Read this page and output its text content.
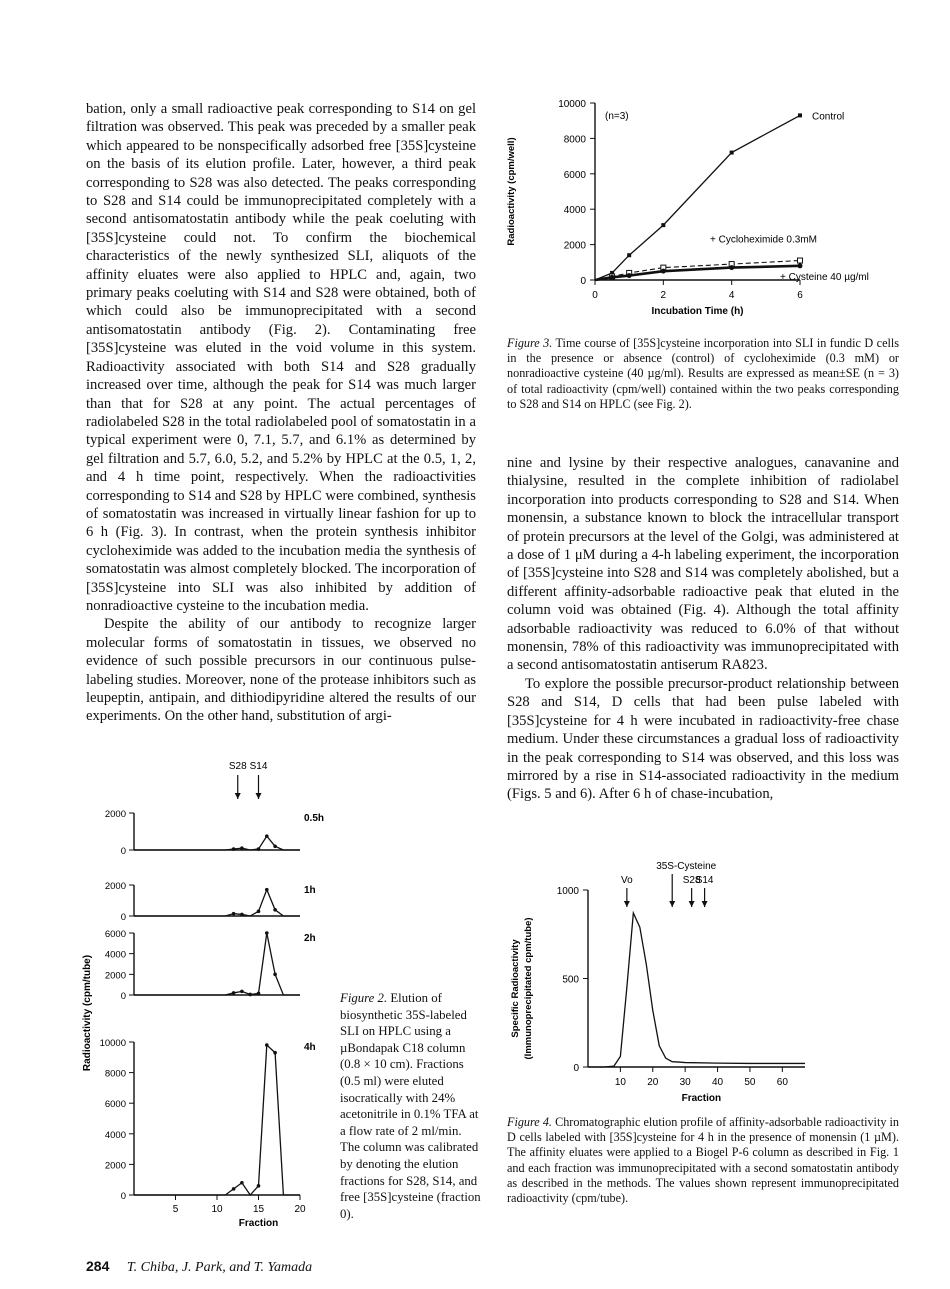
bation, only a small radioactive peak corresponding to S14 on gel filtration was observed. This peak was preceded by a smaller peak which appeared to be nonspecifically adsorbed free [35S]cysteine on the basis of its elution profile. Later, however, a third peak corresponding to S28 was also detected. The peaks corresponding to S28 and S14 could be immunoprecipitated completely with a second antisomatostatin antibody while the peak coeluting with [35S]cysteine could not. To confirm the biochemical characteristics of the newly synthesized SLI, aliquots of the affinity eluates were also applied to HPLC and, again, two primary peaks coeluting with S14 and S28 were obtained, both of which could also be immunoprecipitated with a second antisomatostatin antibody (Fig. 2). Contaminating free [35S]cysteine was eluted in the void volume in this system. Radioactivity associated with both S14 and S28 gradually increased over time, although the peak for S14 was much larger than that for S28 at any point. The actual percentages of radiolabeled S28 in the total radiolabeled pool of somatostatin in a typical experiment were 0, 7.1, 5.7, and 6.1% as determined by gel filtration and 5.7, 6.0, 5.2, and 5.2% by HPLC at the 0.5, 1, 2, and 4 h time point, respectively. When the radioactivities corresponding to S14 and S28 by HPLC were combined, synthesis of somatostatin was increased in virtually linear fashion for up to 6 h (Fig. 3). In contrast, when the protein synthesis inhibitor cycloheximide was added to the incubation media the synthesis of somatostatin was almost completely blocked. The incorporation of [35S]cysteine into SLI was also inhibited by addition of nonradioactive cysteine to the incubation media.

Despite the ability of our antibody to recognize larger molecular forms of somatostatin in tissues, we observed no evidence of such possible precursors in our continuous pulse-labeling studies. Moreover, none of the protease inhibitors such as leupeptin, antipain, and dithiodipyridine altered the results of our experiments. On the other hand, substitution of argi-

nine and lysine by their respective analogues, canavanine and thialysine, resulted in the complete inhibition of radiolabel incorporation into products corresponding to S28 and S14. When monensin, a substance known to block the intracellular transport of protein precursors at the level of the Golgi, was administered at a dose of 1 μM during a 4-h labeling experiment, the incorporation of [35S]cysteine into S28 and S14 was completely abolished, but a different affinity-adsorbable radioactive peak that eluted in the column void was obtained (Fig. 4). Although the total affinity adsorbable radioactivity was reduced to 6.0% of that without monensin, 78% of this radioactivity was immunoprecipitated with a second antisomatostatin antiserum RA823.

To explore the possible precursor-product relationship between S28 and S14, D cells that had been pulse labeled with [35S]cysteine for 4 h were incubated in radioactivity-free chase medium. Under these circumstances a gradual loss of radioactivity in the peak corresponding to S14 was observed, and this loss was mirrored by a rise in S14-associated radioactivity in the medium (Figs. 5 and 6). After 6 h of chase-incubation,

0
2000
4000
6000
8000
10000
0	2	4	6
Incubation Time (h)
Radioactivity (cpm/well)
(n=3)	Control
+ Cycloheximide 0.3mM
+ Cysteine 40 µg/ml
Figure 3. Time course of [35S]cysteine incorporation into SLI in fundic D cells in the presence or absence (control) of cycloheximide (0.3 mM) or nonradioactive cysteine (40 µg/ml). Results are expressed as mean±SE (n = 3) of total radioactivity (cpm/well) contained within the two peaks corresponding to S28 and S14 on HPLC (see Fig. 2).
0
2000	0.5h
0
2000	1h
0
2000
4000
6000	2h
0
2000
4000
6000
8000
10000	4h
5	10	15	20
Fraction
Radioactivity (cpm/tube)
S28 S14
Figure 2. Elution of biosynthetic 35S-labeled SLI on HPLC using a µBondapak C18 column (0.8 × 10 cm). Fractions (0.5 ml) were eluted isocratically with 24% acetonitrile in 0.1% TFA at a flow rate of 2 ml/min. The column was calibrated by denoting the elution fractions for S28, S14, and free [35S]cysteine (fraction 0).
0
500
1000
10 20 30 40 50 60
Fraction
Specific Radioactivity (Immunoprecipitated cpm/tube)
35S-Cysteine
Vo	S28
S14
Figure 4. Chromatographic elution profile of affinity-adsorbable radioactivity in D cells labeled with [35S]cysteine for 4 h in the presence of monensin (1 µM). The affinity eluates were applied to a Biogel P-6 column as described in Fig. 1 and each fraction was immunoprecipitated with a second somatostatin antibody as described in the methods. The values shown represent immunoprecipitated radioactivity (cpm/tube).
284 T. Chiba, J. Park, and T. Yamada
